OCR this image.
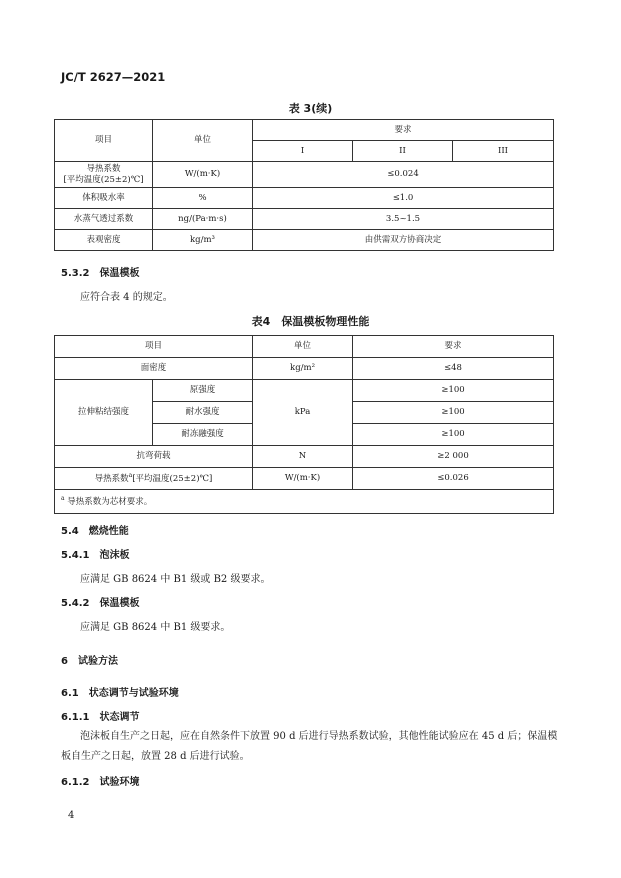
JC/T 2627—2021
表 3(续)
项目	单位	要求		
		I	II	III
导热系数
[平均温度(25±2)℃]	W/(m·K)	≤0.024		
体积吸水率	%	≤1.0		
水蒸气透过系数	ng/(Pa·m·s)	3.5~1.5		
表观密度	kg/m³	由供需双方协商决定		
5.3.2　保温模板
应符合表 4 的规定。
表4　保温模板物理性能
项目		单位	要求
面密度		kg/m²	≤48
拉伸粘结强度	原强度	kPa	≥100
	耐水强度		≥100
	耐冻融强度		≥100
抗弯荷载		N	≥2 000
导热系数$^a$[平均温度(25±2)℃]		W/(m·K)	≤0.026
$^a$ 导热系数为芯材要求。			
5.4　燃烧性能
5.4.1　泡沫板
应满足 GB 8624 中 B1 级或 B2 级要求。
5.4.2　保温模板
应满足 GB 8624 中 B1 级要求。
6　试验方法
6.1　状态调节与试验环境
6.1.1　状态调节
泡沫板自生产之日起，应在自然条件下放置 90 d 后进行导热系数试验，其他性能试验应在 45 d 后；保温模板自生产之日起，放置 28 d 后进行试验。
6.1.2　试验环境
4
